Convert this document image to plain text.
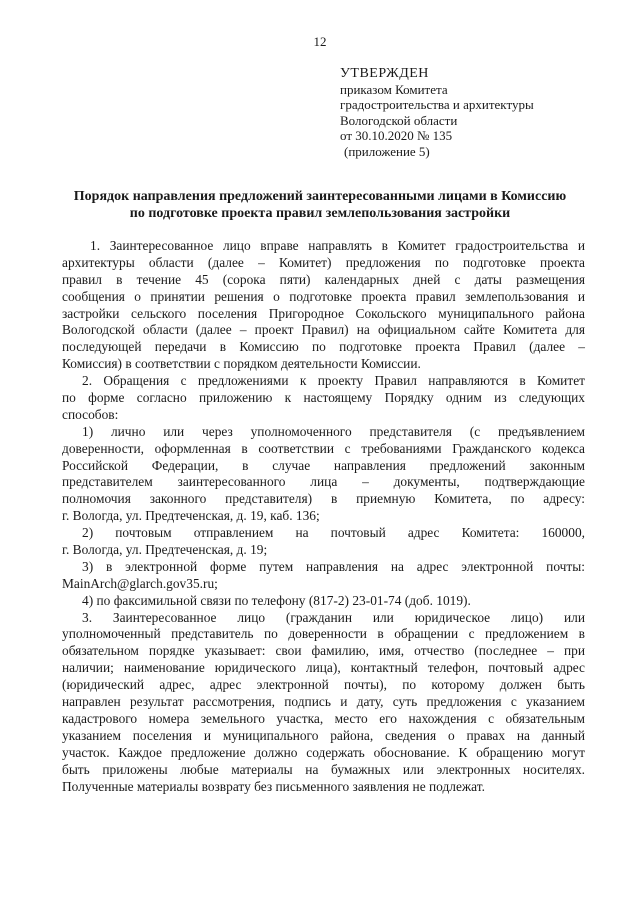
12
УТВЕРЖДЕН
приказом Комитета
градостроительства и архитектуры
Вологодской области
от 30.10.2020 № 135
(приложение 5)
Порядок направления предложений заинтересованными лицами в Комиссию
по подготовке проекта правил землепользования застройки
1. Заинтересованное лицо вправе направлять в Комитет градостроительства и
архитектуры области (далее – Комитет) предложения по подготовке проекта
правил в течение 45 (сорока пяти) календарных дней с даты размещения
сообщения о принятии решения о подготовке проекта правил землепользования и
застройки сельского поселения Пригородное Сокольского муниципального района
Вологодской области (далее – проект Правил) на официальном сайте Комитета для
последующей передачи в Комиссию по подготовке проекта Правил (далее –
Комиссия) в соответствии с порядком деятельности Комиссии.
2. Обращения с предложениями к проекту Правил направляются в Комитет
по форме согласно приложению к настоящему Порядку одним из следующих
способов:
1) лично или через уполномоченного представителя (с предъявлением
доверенности, оформленная в соответствии с требованиями Гражданского кодекса
Российской Федерации, в случае направления предложений законным
представителем заинтересованного лица – документы, подтверждающие
полномочия законного представителя) в приемную Комитета, по адресу:
г. Вологда, ул. Предтеченская, д. 19, каб. 136;
2) почтовым отправлением на почтовый адрес Комитета: 160000,
г. Вологда, ул. Предтеченская, д. 19;
3) в электронной форме путем направления на адрес электронной почты:
MainArch@glarch.gov35.ru;
4) по факсимильной связи по телефону (817-2) 23-01-74 (доб. 1019).
3. Заинтересованное лицо (гражданин или юридическое лицо) или
уполномоченный представитель по доверенности в обращении с предложением в
обязательном порядке указывает: свои фамилию, имя, отчество (последнее – при
наличии; наименование юридического лица), контактный телефон, почтовый адрес
(юридический адрес, адрес электронной почты), по которому должен быть
направлен результат рассмотрения, подпись и дату, суть предложения с указанием
кадастрового номера земельного участка, место его нахождения с обязательным
указанием поселения и муниципального района, сведения о правах на данный
участок. Каждое предложение должно содержать обоснование. К обращению могут
быть приложены любые материалы на бумажных или электронных носителях.
Полученные материалы возврату без письменного заявления не подлежат.
